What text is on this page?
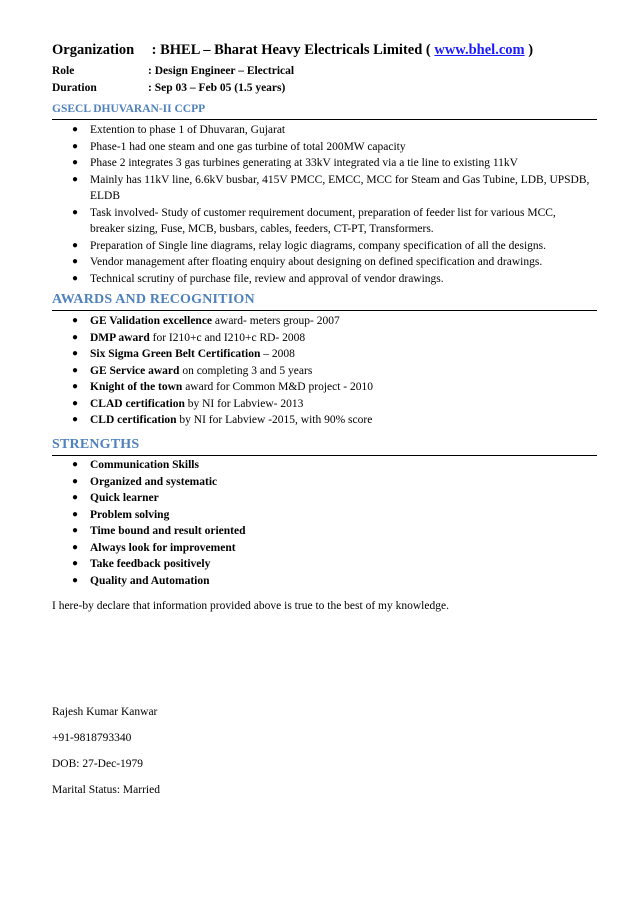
Organization : BHEL – Bharat Heavy Electricals Limited ( www.bhel.com )
Role	: Design Engineer – Electrical
Duration	: Sep 03 – Feb 05 (1.5 years)
GSECL DHUVARAN-II CCPP
● Extention to phase 1 of Dhuvaran, Gujarat
● Phase-1 had one steam and one gas turbine of total 200MW capacity
● Phase 2 integrates 3 gas turbines generating at 33kV integrated via a tie line to existing 11kV
● Mainly has 11kV line, 6.6kV busbar, 415V PMCC, EMCC, MCC for Steam and Gas Tubine, LDB, UPSDB, ELDB
● Task involved- Study of customer requirement document, preparation of feeder list for various MCC, breaker sizing, Fuse, MCB, busbars, cables, feeders, CT-PT, Transformers.
● Preparation of Single line diagrams, relay logic diagrams, company specification of all the designs.
● Vendor management after floating enquiry about designing on defined specification and drawings.
● Technical scrutiny of purchase file, review and approval of vendor drawings.
AWARDS AND RECOGNITION
● GE Validation excellence award- meters group- 2007
● DMP award for I210+c and I210+c RD- 2008
● Six Sigma Green Belt Certification – 2008
● GE Service award on completing 3 and 5 years
● Knight of the town award for Common M&D project - 2010
● CLAD certification by NI for Labview- 2013
● CLD certification by NI for Labview -2015, with 90% score
STRENGTHS
● Communication Skills
● Organized and systematic
● Quick learner
● Problem solving
● Time bound and result oriented
● Always look for improvement
● Take feedback positively
● Quality and Automation
I here-by declare that information provided above is true to the best of my knowledge.
Rajesh Kumar Kanwar
+91-9818793340
DOB: 27-Dec-1979
Marital Status: Married
